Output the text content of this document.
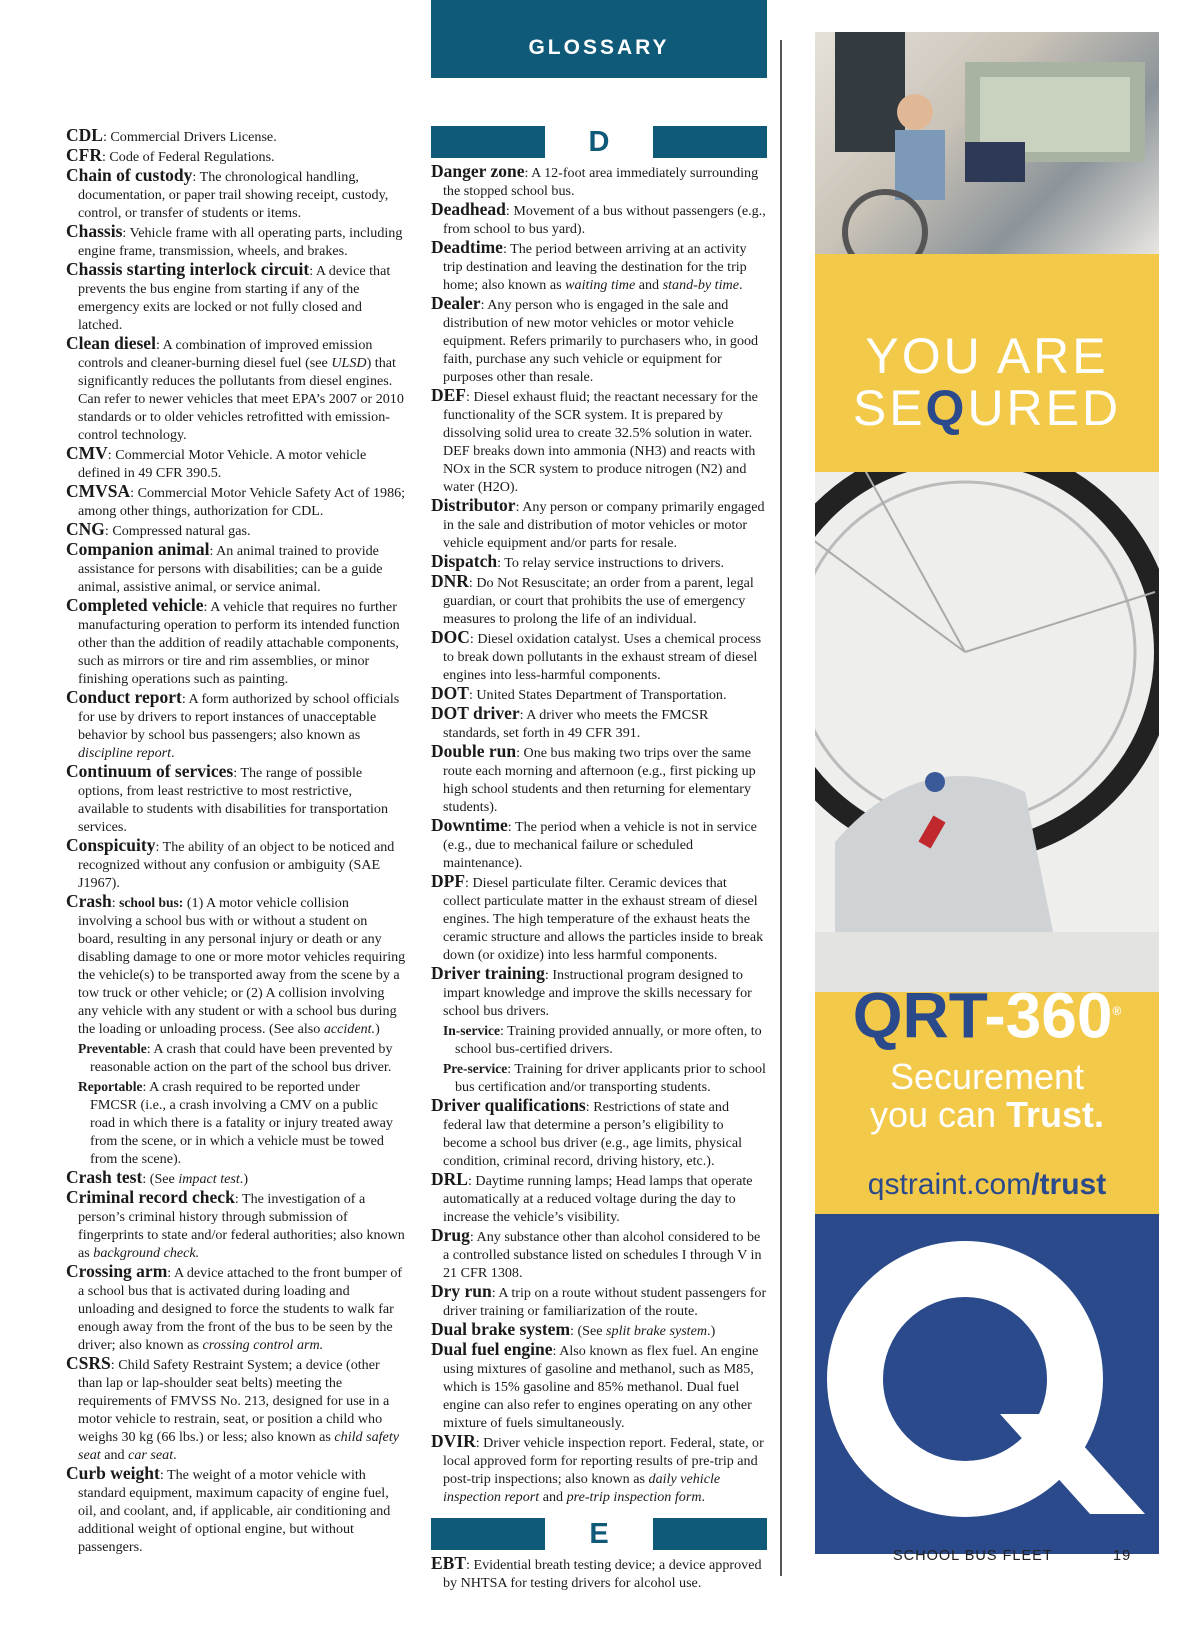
GLOSSARY

CDL: Commercial Drivers License.

CFR: Code of Federal Regulations.

Chain of custody: The chronological handling, documentation, or paper trail showing receipt, custody, control, or transfer of students or items.

Chassis: Vehicle frame with all operating parts, including engine frame, transmission, wheels, and brakes.

Chassis starting interlock circuit: A device that prevents the bus engine from starting if any of the emergency exits are locked or not fully closed and latched.

Clean diesel: A combination of improved emission controls and cleaner-burning diesel fuel (see ULSD) that significantly reduces the pollutants from diesel engines. Can refer to newer vehicles that meet EPA’s 2007 or 2010 standards or to older vehicles retrofitted with emission-control technology.

CMV: Commercial Motor Vehicle. A motor vehicle defined in 49 CFR 390.5.

CMVSA: Commercial Motor Vehicle Safety Act of 1986; among other things, authorization for CDL.

CNG: Compressed natural gas.

Companion animal: An animal trained to provide assistance for persons with disabilities; can be a guide animal, assistive animal, or service animal.

Completed vehicle: A vehicle that requires no further manufacturing operation to perform its intended function other than the addition of readily attachable components, such as mirrors or tire and rim assemblies, or minor finishing operations such as painting.

Conduct report: A form authorized by school officials for use by drivers to report instances of unacceptable behavior by school bus passengers; also known as discipline report.

Continuum of services: The range of possible options, from least restrictive to most restrictive, available to students with disabilities for transportation services.

Conspicuity: The ability of an object to be noticed and recognized without any confusion or ambiguity (SAE J1967).

Crash: school bus: (1) A motor vehicle collision involving a school bus with or without a student on board, resulting in any personal injury or death or any disabling damage to one or more motor vehicles requiring the vehicle(s) to be transported away from the scene by a tow truck or other vehicle; or (2) A collision involving any vehicle with any student or with a school bus during the loading or unloading process. (See also accident.)

Preventable: A crash that could have been prevented by reasonable action on the part of the school bus driver.

Reportable: A crash required to be reported under FMCSR (i.e., a crash involving a CMV on a public road in which there is a fatality or injury treated away from the scene, or in which a vehicle must be towed from the scene).

Crash test: (See impact test.)

Criminal record check: The investigation of a person’s criminal history through submission of fingerprints to state and/or federal authorities; also known as background check.

Crossing arm: A device attached to the front bumper of a school bus that is activated during loading and unloading and designed to force the students to walk far enough away from the front of the bus to be seen by the driver; also known as crossing control arm.

CSRS: Child Safety Restraint System; a device (other than lap or lap-shoulder seat belts) meeting the requirements of FMVSS No. 213, designed for use in a motor vehicle to restrain, seat, or position a child who weighs 30 kg (66 lbs.) or less; also known as child safety seat and car seat.

Curb weight: The weight of a motor vehicle with standard equipment, maximum capacity of engine fuel, oil, and coolant, and, if applicable, air conditioning and additional weight of optional engine, but without passengers.

D

Danger zone: A 12-foot area immediately surrounding the stopped school bus.

Deadhead: Movement of a bus without passengers (e.g., from school to bus yard).

Deadtime: The period between arriving at an activity trip destination and leaving the destination for the trip home; also known as waiting time and stand-by time.

Dealer: Any person who is engaged in the sale and distribution of new motor vehicles or motor vehicle equipment. Refers primarily to purchasers who, in good faith, purchase any such vehicle or equipment for purposes other than resale.

DEF: Diesel exhaust fluid; the reactant necessary for the functionality of the SCR system. It is prepared by dissolving solid urea to create 32.5% solution in water. DEF breaks down into ammonia (NH3) and reacts with NOx in the SCR system to produce nitrogen (N2) and water (H2O).

Distributor: Any person or company primarily engaged in the sale and distribution of motor vehicles or motor vehicle equipment and/or parts for resale.

Dispatch: To relay service instructions to drivers.

DNR: Do Not Resuscitate; an order from a parent, legal guardian, or court that prohibits the use of emergency measures to prolong the life of an individual.

DOC: Diesel oxidation catalyst. Uses a chemical process to break down pollutants in the exhaust stream of diesel engines into less-harmful components.

DOT: United States Department of Transportation.

DOT driver: A driver who meets the FMCSR standards, set forth in 49 CFR 391.

Double run: One bus making two trips over the same route each morning and afternoon (e.g., first picking up high school students and then returning for elementary students).

Downtime: The period when a vehicle is not in service (e.g., due to mechanical failure or scheduled maintenance).

DPF: Diesel particulate filter. Ceramic devices that collect particulate matter in the exhaust stream of diesel engines. The high temperature of the exhaust heats the ceramic structure and allows the particles inside to break down (or oxidize) into less harmful components.

Driver training: Instructional program designed to impart knowledge and improve the skills necessary for school bus drivers.

In-service: Training provided annually, or more often, to school bus-certified drivers.

Pre-service: Training for driver applicants prior to school bus certification and/or transporting students.

Driver qualifications: Restrictions of state and federal law that determine a person’s eligibility to become a school bus driver (e.g., age limits, physical condition, criminal record, driving history, etc.).

DRL: Daytime running lamps; Head lamps that operate automatically at a reduced voltage during the day to increase the vehicle’s visibility.

Drug: Any substance other than alcohol considered to be a controlled substance listed on schedules I through V in 21 CFR 1308.

Dry run: A trip on a route without student passengers for driver training or familiarization of the route.

Dual brake system: (See split brake system.)

Dual fuel engine: Also known as flex fuel. An engine using mixtures of gasoline and methanol, such as M85, which is 15% gasoline and 85% methanol. Dual fuel engine can also refer to engines operating on any other mixture of fuels simultaneously.

DVIR: Driver vehicle inspection report. Federal, state, or local approved form for reporting results of pre-trip and post-trip inspections; also known as daily vehicle inspection report and pre-trip inspection form.

E

EBT: Evidential breath testing device; a device approved by NHTSA for testing drivers for alcohol use.

YOU ARE
SEQURED
QRT-360®
Securement
you can Trust.
qstraint.com/trust
SCHOOL BUS FLEET	19
